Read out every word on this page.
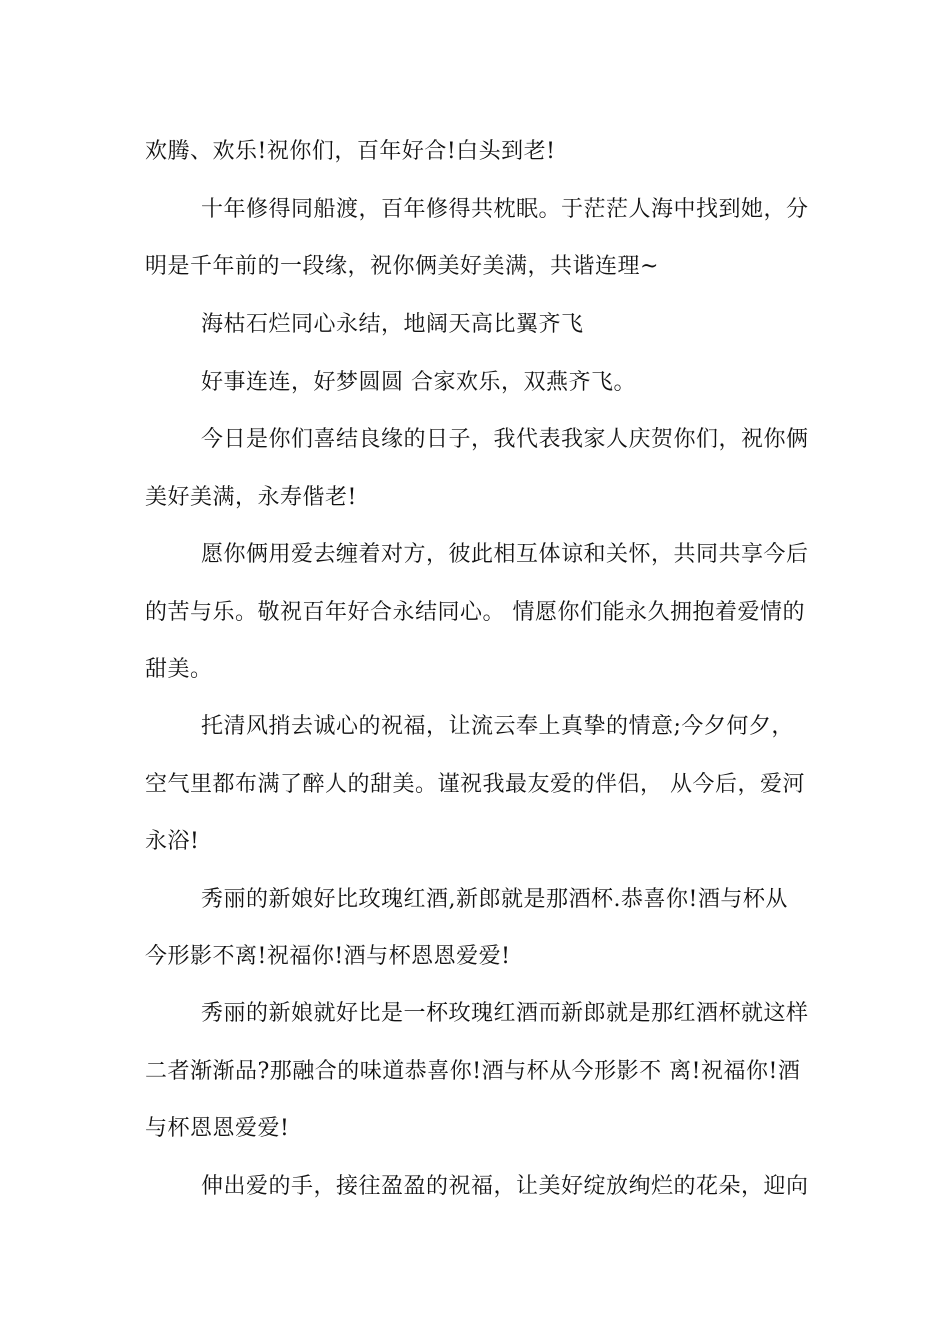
欢腾、欢乐!祝你们，百年好合!白头到老!
十年修得同船渡，百年修得共枕眠。于茫茫人海中找到她，分
明是千年前的一段缘，祝你俩美好美满，共谐连理~
海枯石烂同心永结，地阔天高比翼齐飞
好事连连，好梦圆圆 合家欢乐，双燕齐飞。
今日是你们喜结良缘的日子，我代表我家人庆贺你们，祝你俩
美好美满，永寿偕老!
愿你俩用爱去缠着对方，彼此相互体谅和关怀，共同共享今后
的苦与乐。敬祝百年好合永结同心。 情愿你们能永久拥抱着爱情的
甜美。
托清风捎去诚心的祝福，让流云奉上真挚的情意;今夕何夕，
空气里都布满了醉人的甜美。谨祝我最友爱的伴侣， 从今后，爱河
永浴!
秀丽的新娘好比玫瑰红酒,新郎就是那酒杯.恭喜你!酒与杯从
今形影不离!祝福你!酒与杯恩恩爱爱!
秀丽的新娘就好比是一杯玫瑰红酒而新郎就是那红酒杯就这样
二者渐渐品?那融合的味道恭喜你!酒与杯从今形影不 离!祝福你!酒
与杯恩恩爱爱!
伸出爱的手，接往盈盈的祝福，让美好绽放绚烂的花朵，迎向
